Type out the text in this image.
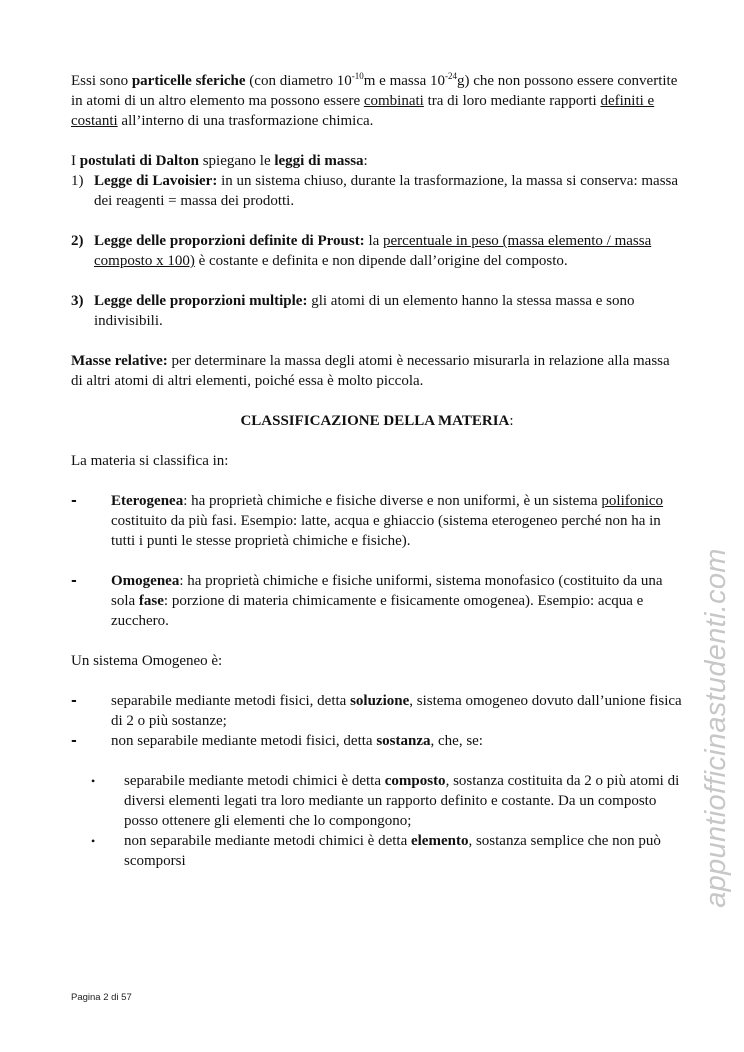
Essi sono particelle sferiche (con diametro $10^{-10}m$ e massa $10^{-24}g$) che non possono essere convertite in atomi di un altro elemento ma possono essere combinati tra di loro mediante rapporti definiti e costanti all’interno di una trasformazione chimica.

I postulati di Dalton spiegano le leggi di massa:

1) Legge di Lavoisier: in un sistema chiuso, durante la trasformazione, la massa si conserva: massa dei reagenti = massa dei prodotti.

2) Legge delle proporzioni definite di Proust: la percentuale in peso (massa elemento / massa composto x 100) è costante e definita e non dipende dall’origine del composto.

3) Legge delle proporzioni multiple: gli atomi di un elemento hanno la stessa massa e sono indivisibili.

Masse relative: per determinare la massa degli atomi è necessario misurarla in relazione alla massa di altri atomi di altri elementi, poiché essa è molto piccola.

CLASSIFICAZIONE DELLA MATERIA:

La materia si classifica in:

-	Eterogenea: ha proprietà chimiche e fisiche diverse e non uniformi, è un sistema polifonico costituito da più fasi. Esempio: latte, acqua e ghiaccio (sistema eterogeneo perché non ha in tutti i punti le stesse proprietà chimiche e fisiche).

-	Omogenea: ha proprietà chimiche e fisiche uniformi, sistema monofasico (costituito da una sola fase: porzione di materia chimicamente e fisicamente omogenea). Esempio: acqua e zucchero.

Un sistema Omogeneo è:

-	separabile mediante metodi fisici, detta soluzione, sistema omogeneo dovuto dall’unione fisica di 2 o più sostanze;

-	non separabile mediante metodi fisici, detta sostanza, che, se:

•	separabile mediante metodi chimici è detta composto, sostanza costituita da 2 o più atomi di diversi elementi legati tra loro mediante un rapporto definito e costante. Da un composto posso ottenere gli elementi che lo compongono;

•	non separabile mediante metodi chimici è detta elemento, sostanza semplice che non può scomporsi

Pagina 2 di 57
appuntiofficinastudenti.com
